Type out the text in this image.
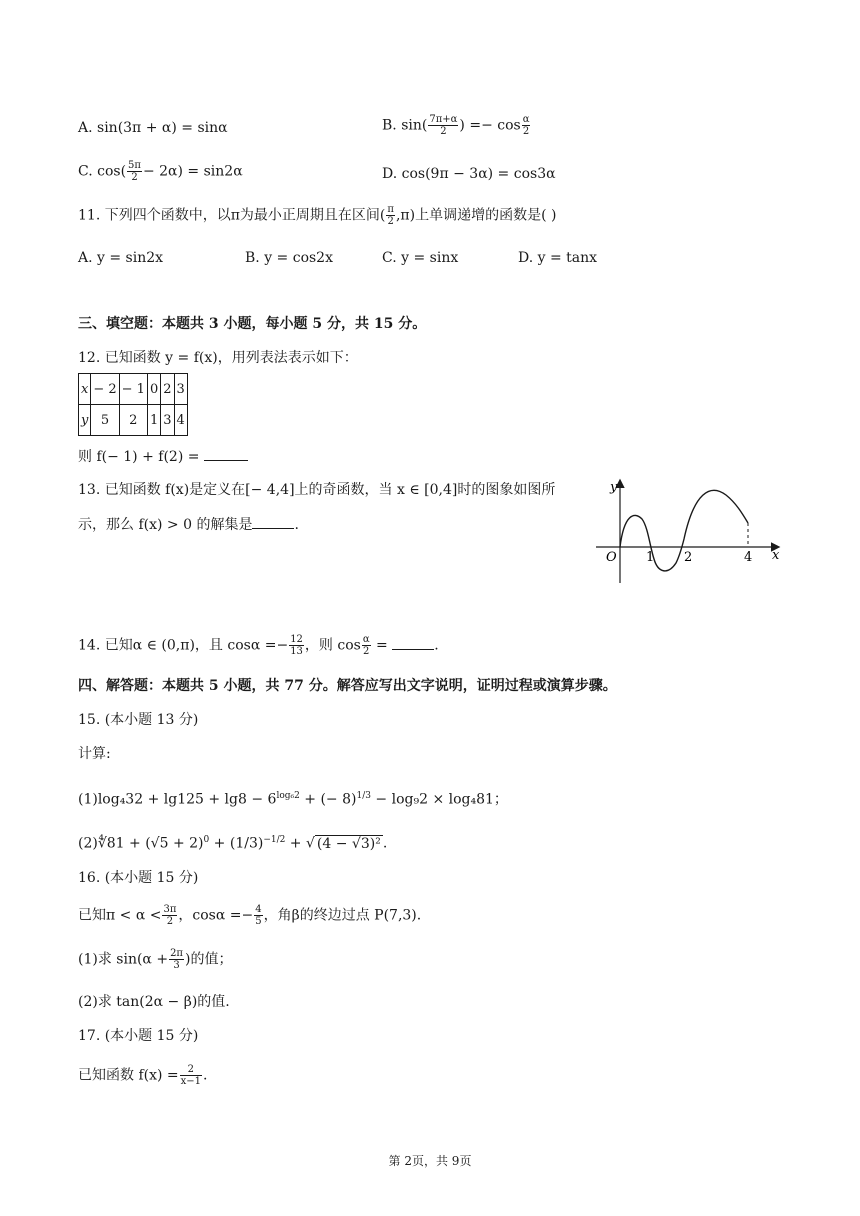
A. sin(3π + α) = sinα	B. $\sin( \frac{7\pi+\alpha}{2}$ ) =− $\cos \frac{\alpha}{2}$
C. $\cos( \frac{5\pi}{2} - 2\alpha) = \sin 2\alpha$	D. cos(9π − 3α) = cos3α
11. 下列四个函数中，以π为最小正周期且在区间( $\frac{\pi}{2} ,\pi$)上单调递增的函数是( )
A. y = sin2x	B. y = cos2x	C. y = sinx	D. y = tanx
三、填空题：本题共 3 小题，每小题 5 分，共 15 分。
12. 已知函数 y = f(x)，用列表法表示如下：
x	− 2	− 1	0	2	3
y	5	2	1	3	4
则 f(− 1) + f(2) =
13. 已知函数 f(x)是定义在[− 4,4]上的奇函数，当 x ∈ [0,4]时的图象如图所
示，那么 f(x) > 0 的解集是	.
y
x
O 1 2	4
14. 已知α ∈ (0,π)，且 $\cos\alpha =- \frac{12}{13}$ ，则 $\cos \frac{\alpha}{2}$ =	.
四、解答题：本题共 5 小题，共 77 分。解答应写出文字说明，证明过程或演算步骤。
15. (本小题 13 分)
计算:
$(1)\log_432 + \lg 125 + \lg 8 - 6^{log_62}$ + (− 8)$^{1/3}$ − log₉2 × log₄81；
(2)∜81 + $(√5 + 2)^0 + (1/3)^{-1/2}$ + √ (4 − √3)² .
16. (本小题 15 分)
已知$\pi < \alpha < \frac{3\pi}{2}$ ，$\cos\alpha =- \frac{4}{5}$ ，角β的终边过点 P(7,3).
(1)求 $\sin(\alpha + \frac{2\pi}{3}$ )的值；
(2)求 tan(2α − β)的值.
17. (本小题 15 分)
已知函数 $f(x) = \frac{2}{x-1}$ .
第 2页，共 9页
